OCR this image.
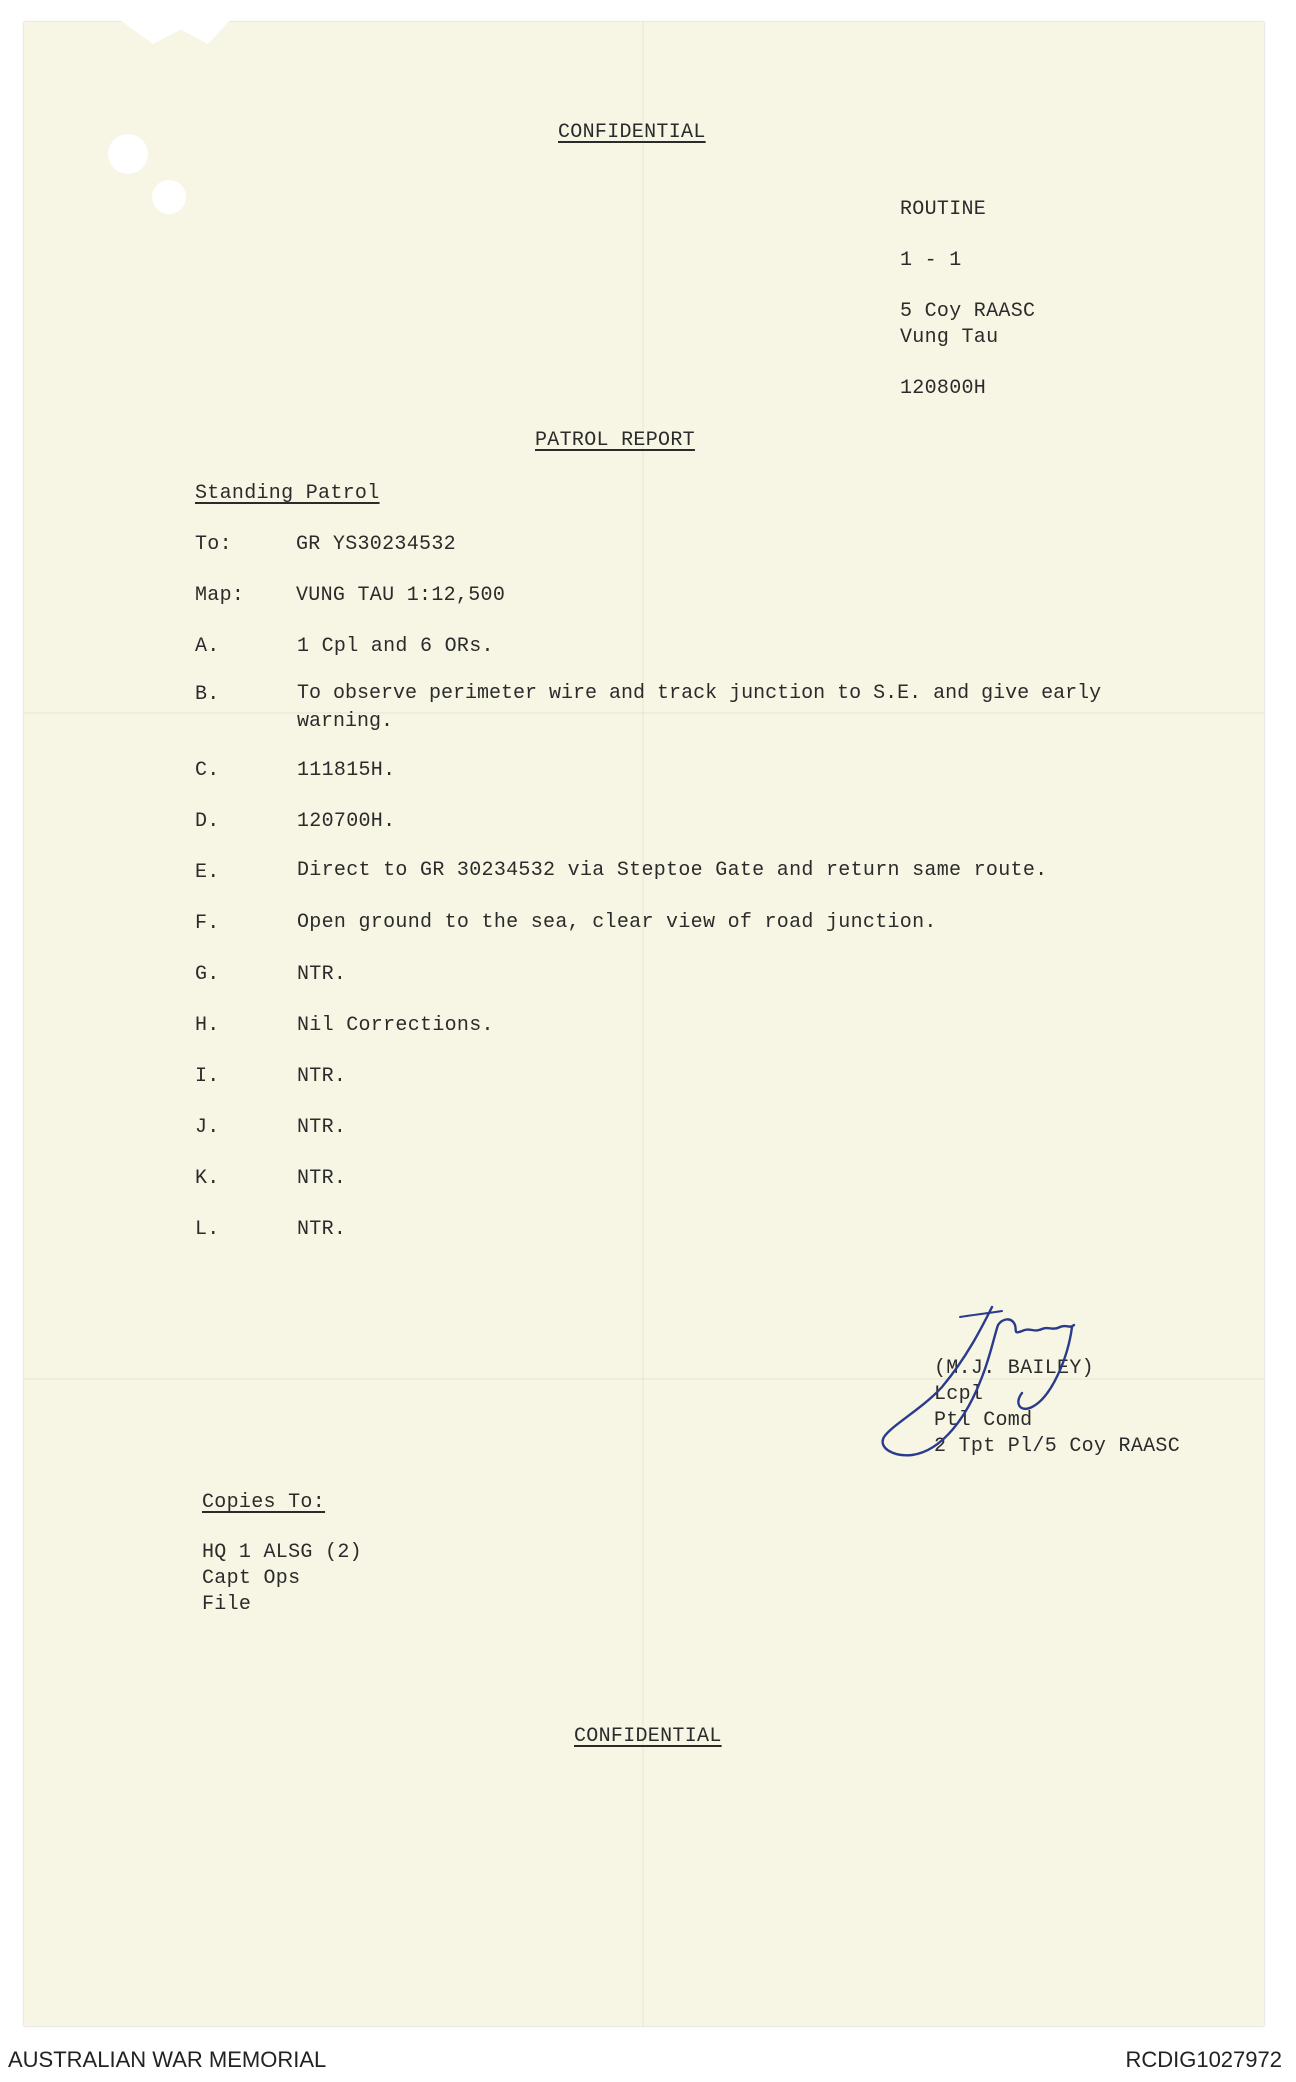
CONFIDENTIAL
ROUTINE
1 - 1
5 Coy RAASC
Vung Tau
120800H
PATROL REPORT
Standing Patrol
To:	GR YS30234532
Map:	VUNG TAU 1:12,500
A.	1 Cpl and 6 ORs.
B.	To observe perimeter wire and track junction to S.E. and give early warning.
C.	111815H.
D.	120700H.
E.	Direct to GR 30234532 via Steptoe Gate and return same route.
F.	Open ground to the sea, clear view of road junction.
G.	NTR.
H.	Nil Corrections.
I.	NTR.
J.	NTR.
K.	NTR.
L.	NTR.
(M.J. BAILEY)
Lcpl
Ptl Comd
2 Tpt Pl/5 Coy RAASC
Copies To:
HQ 1 ALSG (2)
Capt Ops
File
CONFIDENTIAL
AUSTRALIAN WAR MEMORIAL	RCDIG1027972
